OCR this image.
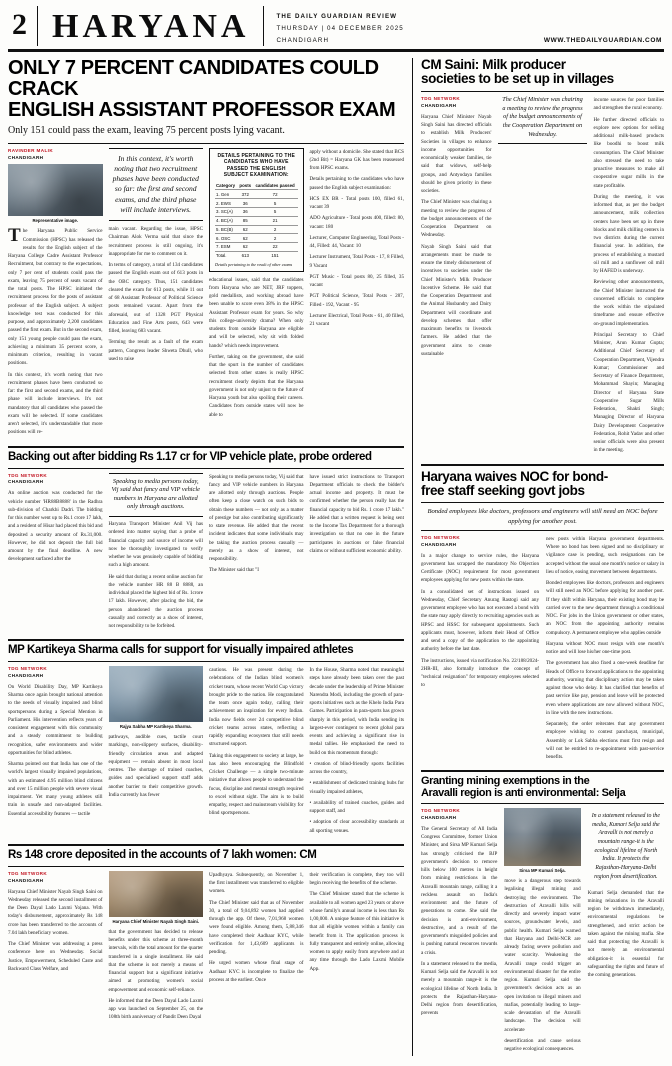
2 HARYANA	THE DAILY GUARDIAN REVIEW
THURSDAY | 04 DECEMBER 2025
CHANDIGARH	WWW.THEDAILYGUARDIAN.COM
ONLY 7 PERCENT CANDIDATES COULD CRACK
ENGLISH ASSISTANT PROFESSOR EXAM
Only 151 could pass the exam, leaving 75 percent posts lying vacant.
RAVINDER MALIK
CHANDIGARH
Representative image.

The Haryana Public Service Commission (HPSC) has released the results for the English subject of the Haryana College Cadre Assistant Professor Recruitment, but contrary to the expectations, only 7 per cent of students could pass the exam, leaving 75 percent of seats vacant of the total posts. The HPSC initiated the recruitment process for the posts of assistant professor of the English subject. A subject knowledge test was conducted for this purpose, and approximately 2,200 candidates passed the first exam. But in the second exam, only 151 young people could pass the exam, achieving a minimum 35 percent score, a minimum criterion, resulting in vacant positions.

In this context, it's worth noting that two recruitment phases have been conducted so far: the first and second exams, and the third phase will include interviews. It's not mandatory that all candidates who passed the exam will be selected. If some candidates aren't selected, it's understandable that more positions will re-

In this context, it's worth noting that two recruitment phases have been conducted so far: the first and second exams, and the third phase will include interviews.

main vacant. Regarding the issue, HPSC Chairman Alok Verma said that since the recruitment process is still ongoing, it's inappropriate for me to comment on it.

In terms of category, a total of 134 candidates passed the English exam out of 613 posts in the OBC category. Thus, 151 candidates cleared the exam for 613 posts, while 11 out of 68 Assistant Professor of Political Science posts remained vacant. Apart from the aforesaid, out of 1328 PGT Physical Education and Fine Arts posts, 643 were filled, leaving 683 vacant.

Terming the result as a fault of the exam pattern, Congress leader Shweta Dhull, who used to raise

DETAILS PERTAINING TO THE CANDIDATES WHO HAVE PASSED THE ENGLISH SUBJECT EXAMINATION:
Category	posts	candidates passed
1. Gen	372	72
2. EWS	36	5
3. SC(A)	36	5
4. BC(A)	85	21
5. BC(B)	62	2
6. OSC	62	2
7. ESM	62	22
Total.	613	151
Details pertaining to the result of other exams

educational issues, said that the candidates from Haryana who are NET, JRF toppers, gold medallists, and working abroad have been unable to score even 38% in the HPSC Assistant Professor exam for years. So why this college-university drama? When only students from outside Haryana are eligible and will be selected, why sit with folded hands? which needs improvement.

Further, taking on the government, she said that the spurt in the number of candidates selected from other states is really HPSC recruitment clearly depicts that the Haryana government is not only unjust to the future of Haryana youth but also spoiling their careers. Candidates from outside states will now be able to

apply without a domicile. She stated that BCS (2nd Bit) = Haryana GK has been reassessed from HPSC exams.

Details pertaining to the candidates who have passed the English subject examination:

HCS EX BR - Total posts 100, filled 61, vacant 39

ADO Agriculture - Total posts 400, filled: 80, vacant: 180

Lecturer, Computer Engineering, Total Posts - 44, Filled: 44, Vacant: 10

Lecturer Instrument, Total Posts - 17, 8 Filled, 9 Vacant

PGT Music - Total posts 80, 25 filled, 35 vacant

PGT Political Science, Total Posts - 287, Filled - 192, Vacant - 95

Lecturer Electrical, Total Posts - 61, 40 filled, 21 vacant

Backing out after bidding Rs 1.17 cr for VIP vehicle plate, probe ordered
TDG NETWORK
CHANDIGARH

An online auction was conducted for the vehicle number 'HR88B8888' in the Radhra sub-division of Charkhi Dadri. The bidding for this number went up to Rs.1 crore 17 lakh, and a resident of Hisar had placed this bid and deposited a security amount of Rs.31,000. However, he did not deposit the full bid amount by the final deadline. A new development surfaced after the

Speaking to media persons today, Vij said that fancy and VIP vehicle numbers in Haryana are allotted only through auctions.

Haryana Transport Minister Anil Vij has ordered into matter saying that a probe of financial capacity and source of income will now be thoroughly investigated to verify whether he was genuinely capable of bidding such a high amount.

He said that during a recent online auction for the vehicle number HR 88 B 8888, an individual placed the highest bid of Rs. 1crore 17 lakh. However, after placing the bid, the person abandoned the auction process casually and correctly as a show of interest, not responsibility to be forfeited.

Speaking to media persons today, Vij said that fancy and VIP vehicle numbers in Haryana are allotted only through auctions. People often keep a close watch on such bids to obtain these numbers — not only as a matter of prestige but also contributing significantly to state revenue. He added that the recent incident indicates that some individuals may be taking the auction process casually — merely as a show of interest, not responsibility.

The Minister said that "I

have issued strict instructions to Transport Department officials to check the bidder's actual income and property. It must be confirmed whether the person really has the financial capacity to bid Rs. 1 crore 17 lakh." He added that a written request is being sent to the Income Tax Department for a thorough investigation so that no one in the future participates in auctions or false financial claims or without sufficient economic ability.

MP Kartikeya Sharma calls for support for visually impaired athletes
TDG NETWORK
CHANDIGARH

On World Disability Day, MP Kartikeya Sharma once again brought national attention to the needs of visually impaired and blind sportspersons during a Special Mention in Parliament. His intervention reflects years of consistent engagement with this community and a steady commitment to building recognition, safer environments and wider opportunities for blind athletes.

Sharma pointed out that India has one of the world's largest visually impaired populations, with an estimated 4.95 million blind citizens and over 15 million people with severe visual impairment. Yet many young athletes still train in unsafe and non-adapted facilities. Essential accessibility features — tactile

Rajya Sabha MP Kartikeya Sharma.

pathways, audible cues, tactile court markings, non-slippery surfaces, disability-friendly circulation areas and adapted equipment — remain absent in most local centres. The shortage of trained coaches, guides and specialised support staff adds another barrier to their competitive growth. India currently has fewer

cautions. He was present during the celebrations of the Indian blind women's cricket team, whose recent World Cup victory brought pride to the nation. He congratulated the team once again today, calling their achievement an inspiration for every Indian. India now fields over 24 competitive blind cricket teams across states, reflecting a rapidly expanding ecosystem that still needs structured support.

Taking this engagement to society at large, he has also been encouraging the Blindfold Cricket Challenge — a simple two-minute initiative that allows people to understand the focus, discipline and mental strength required to excel without sight. The aim is to build empathy, respect and mainstream visibility for blind sportspersons.

In the House, Sharma noted that meaningful steps have already been taken over the past decade under the leadership of Prime Minister Narendra Modi, including the growth of para-sports initiatives such as the Khelo India Para Games. Participation in para-sports has grown sharply in this period, with India sending its largest-ever contingent to recent global para events and achieving a significant rise in medal tallies. He emphasised the need to build on this momentum through:

• creation of blind-friendly sports facilities across the country,

• establishment of dedicated training hubs for visually impaired athletes,

• availability of trained coaches, guides and support staff, and

• adoption of clear accessibility standards at all sporting venues.

Rs 148 crore deposited in the accounts of 7 lakh women: CM
TDG NETWORK
CHANDIGARH

Haryana Chief Minister Nayab Singh Saini on Wednesday released the second installment of the Deen Dayal Lado Laxmi Yojana. With today's disbursement, approximately Rs 148 crore has been transferred to the accounts of 7.04 lakh beneficiary women.

The Chief Minister was addressing a press conference here on Wednesday. Social Justice, Empowerment, Scheduled Caste and Backward Class Welfare, and

Haryana Chief Minister Nayab Singh Saini.

that the government has decided to release benefits under this scheme at three-month intervals, with the total amount for the quarter transferred in a single installment. He said that the scheme is not merely a means of financial support but a significant initiative aimed at promoting women's social empowerment and economic self-reliance.

He informed that the Deen Dayal Lado Laxmi app was launched on September 25, on the 108th birth anniversary of Pandit Deen Dayal

Upadhyaya. Subsequently, on November 1, the first installment was transferred to eligible women.

The Chief Minister said that as of November 30, a total of 9,04,892 women had applied through the app. Of these, 7,01,968 women were found eligible. Among them, 5,88,346 have completed their Aadhaar KYC, while verification for 1,43,609 applicants is pending.

He urged women whose final stage of Aadhaar KYC is incomplete to finalize the process at the earliest. Once

their verification is complete, they too will begin receiving the benefits of the scheme.

The Chief Minister stated that the scheme is available to all women aged 23 years or above whose family's annual income is less than Rs 1,00,000. A unique feature of this initiative is that all eligible women within a family can benefit from it. The application process is fully transparent and entirely online, allowing women to apply easily from anywhere and at any time through the Lado Laxmi Mobile App.

CM Saini: Milk producer
societies to be set up in villages
TDG NETWORK
CHANDIGARH

Haryana Chief Minister Nayab Singh Saini has directed officials to establish Milk Producers' Societies in villages to enhance income opportunities for economically weaker families, tie said that widows, self-help groups, and Antyodaya families should be given priority in these societies.

The Chief Minister was chairing a meeting to review the progress of the budget announcements of the Cooperation Department on Wednesday.

Nayab Singh Saini said that arrangements must be made to ensure the timely disbursement of incentives to societies under the Chief Minister's Milk Producer Incentive Scheme. He said that the Cooperation Department and the Animal Husbandry and Dairy Department will coordinate and develop schemes that offer maximum benefits to livestock farmers. He added that the government aims to create sustainable

The Chief Minister was chairing a meeting to review the progress of the budget announcements of the Cooperation Department on Wednesday.

income sources for poor families and strengthen the rural economy.

He further directed officials to explore new options for selling additional milk-based products like boodhi to boost milk consumption. The Chief Minister also stressed the need to take proactive measures to make all cooperative sugar mills in the state profitable.

During the meeting, it was informed that, as per the budget announcement, milk collection centers have been set up in three blocks and milk chilling centers in two districts during the current financial year. In addition, the process of establishing a mustard oil mill and a sunflower oil mill by HAFED is underway.

Reviewing other announcements, the Chief Minister instructed the concerned officials to complete the work within the stipulated timeframe and ensure effective on-ground implementation.

Principal Secretary to Chief Minister, Arun Kumar Gupta; Additional Chief Secretary of Cooperation Department, Vijendra Kumar; Commissioner and Secretary of Finance Department, Mohammad Shayin; Managing Director of Haryana State Cooperative Sugar Mills Federation, Shakti Singh; Managing Director of Haryana Dairy Development Cooperative Federation, Rohit Yadav and other senior officials were also present in the meeting.

Haryana waives NOC for bond-
free staff seeking govt jobs
Bonded employees like doctors, professors and engineers will still need an NOC before applying for another post.
TDG NETWORK
CHANDIGARH

In a major change to service rules, the Haryana government has scrapped the mandatory No Objection Certificate (NOC) requirement for most government employees applying for new posts within the state.

In a consolidated set of instructions issued on Wednesday, Chief Secretary Anurag Rastogi said any government employee who has not executed a bond with the state may apply directly to recruiting agencies such as HPSC and HSSC for subsequent appointments. Such applicants must, however, inform their Head of Office and send a copy of the application to the appointing authority before the last date.

The instructions, issued via notification No. 22/188/2024-2HR-III, also formally introduce the concept of "technical resignation" for temporary employees selected to

new posts within Haryana government departments. Where no bond has been signed and no disciplinary or vigilance case is pending, such resignations can be accepted without the usual one month's notice or salary in lieu of notice, easing movement between departments.

Bonded employees like doctors, professors and engineers will still need an NOC before applying for another post. If they shift within Haryana, their existing bond may be carried over to the new department through a conditional NOC. For jobs in the Union government or other states, an NOC from the appointing authority remains compulsory. A permanent employee who applies outside

Haryana without NOC must resign with one month's notice and will lose his/her one-time post.

The government has also fixed a one-week deadline for Heads of Office to forward applications to the appointing authority, warning that disciplinary action may be taken against those who delay. It has clarified that benefits of past service like pay, pension and leave will be protected even where applications are now allowed without NOC, in line with the new instructions.

Separately, the order reiterates that any government employee wishing to contest panchayat, municipal, Assembly or Lok Sabha elections must first resign and will not be entitled to re-appointment with past-service benefits.

Granting mining exemptions in the
Aravalli region is anti environmental: Selja
TDG NETWORK
CHANDIGARH

The General Secretary of All India Congress Committee, former Union Minister, and Sirsa MP Kumari Selja has strongly criticised the BJP government's decision to remove hills below 100 metres in height from mining restrictions in the Aravalli mountain range, calling it a reckless assault on India's environment and the future of generations to come. She said the decision is anti-environment, destructive, and a result of the government's misguided policies and is pushing natural resources towards a crisis.

In a statement released to the media, Kumari Selja said the Aravalli is not merely a mountain range-it is the ecological lifeline of North India. It protects the Rajasthan-Haryana-Delhi region from desertification, prevents

Sirsa MP Kumari Selja.

move is a dangerous step towards legalising illegal mining and destroying the environment. The destruction of Aravalli hills will directly and severely impact water sources, groundwater levels, and public health. Kumari Selja warned that Haryana and Delhi-NCR are already facing severe pollution and water scarcity. Weakening the Aravalli range could trigger an environmental disaster for the entire region. Kumari Selja said the government's decision acts as an open invitation to illegal miners and mafias, potentially leading to large-scale devastation of the Aravalli landscape. The decision will accelerate

desertification and cause serious negative ecological consequences.

In a statement released to the media, Kumari Selja said the Aravalli is not merely a mountain range-it is the ecological lifeline of North India. It protects the Rajasthan-Haryana-Delhi region from desertification.

Kumari Selja demanded that the mining relaxations in the Aravalli region be withdrawn immediately, environmental regulations be strengthened, and strict action be taken against the mining mafia. She said that protecting the Aravalli is not merely an environmental obligation-it is essential for safeguarding the rights and future of the coming generations.
